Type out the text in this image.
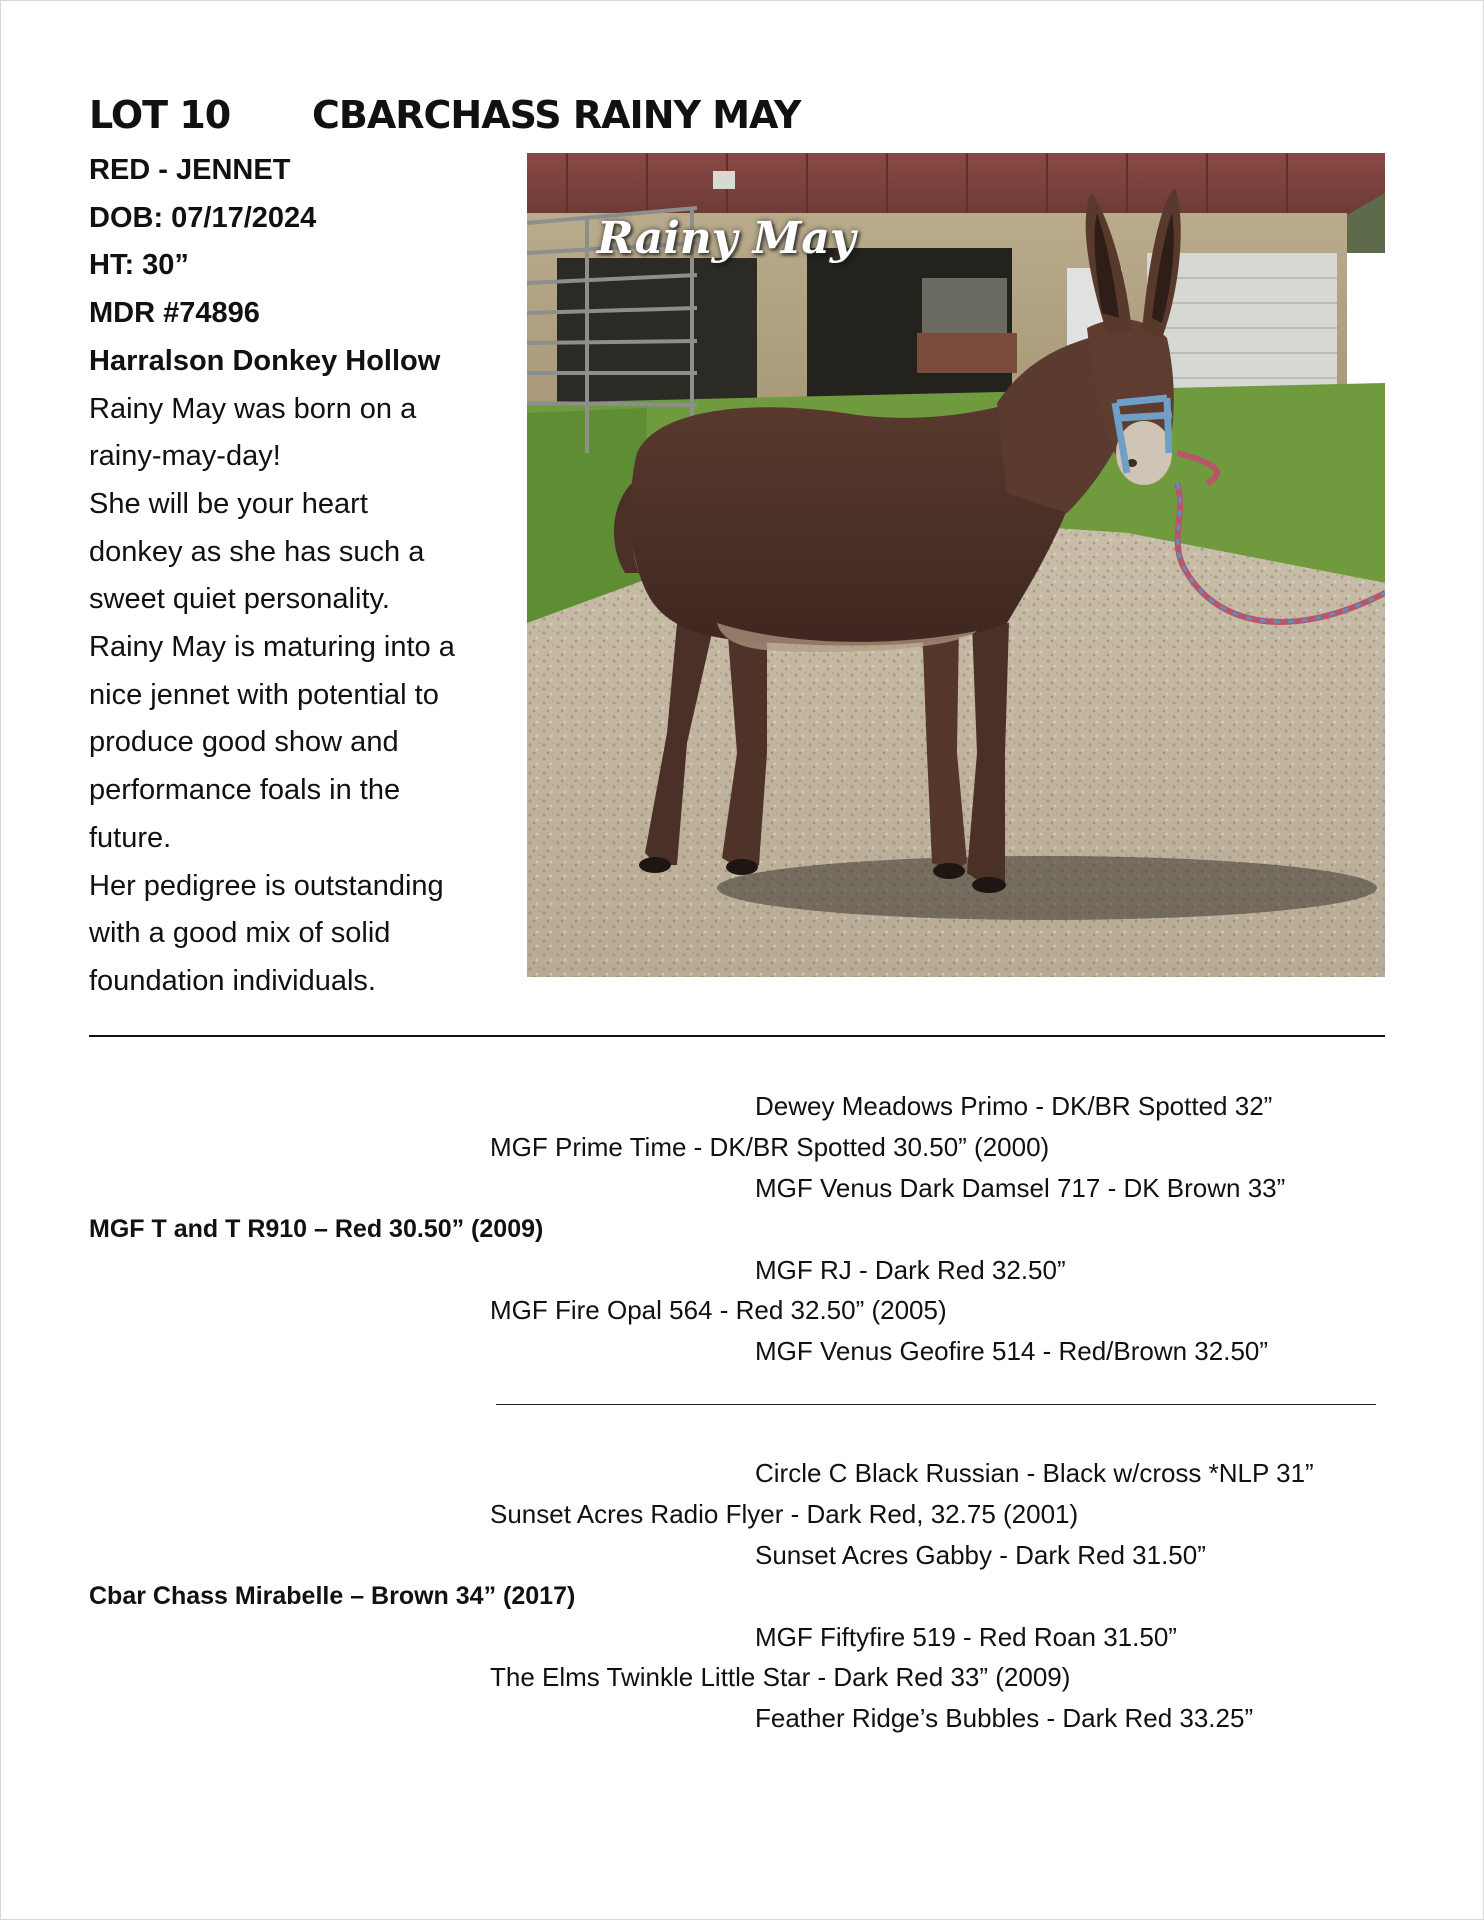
LOT 10 CBARCHASS RAINY MAY
RED - JENNET
DOB: 07/17/2024
HT: 30”
MDR #74896
Harralson Donkey Hollow
Rainy May was born on a
rainy-may-day!
She will be your heart
donkey as she has such a
sweet quiet personality.
Rainy May is maturing into a
nice jennet with potential to
produce good show and
performance foals in the
future.
Her pedigree is outstanding
with a good mix of solid
foundation individuals.
Rainy May
Dewey Meadows Primo - DK/BR Spotted 32”
MGF Prime Time - DK/BR Spotted 30.50” (2000)
MGF Venus Dark Damsel 717 - DK Brown 33”
MGF T and T R910 – Red 30.50” (2009)
MGF RJ - Dark Red 32.50”
MGF Fire Opal 564 - Red 32.50” (2005)
MGF Venus Geofire 514 - Red/Brown 32.50”
Circle C Black Russian - Black w/cross *NLP 31”
Sunset Acres Radio Flyer - Dark Red, 32.75 (2001)
Sunset Acres Gabby - Dark Red 31.50”
Cbar Chass Mirabelle – Brown 34” (2017)
MGF Fiftyfire 519 - Red Roan 31.50”
The Elms Twinkle Little Star - Dark Red 33” (2009)
Feather Ridge’s Bubbles - Dark Red 33.25”
